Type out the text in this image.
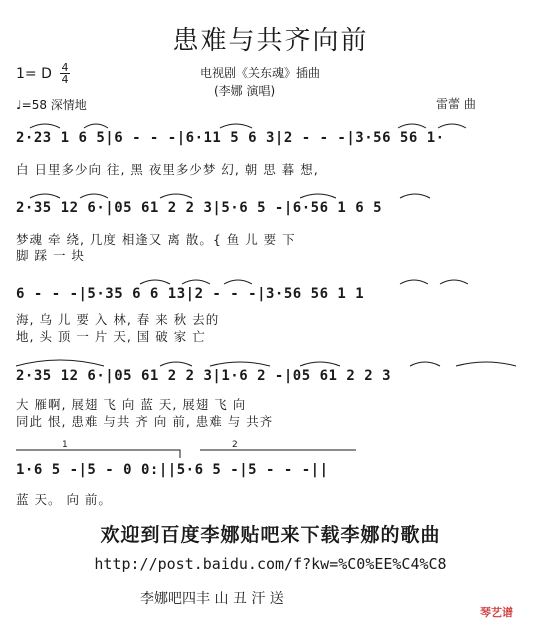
患难与共齐向前
电视剧《关东魂》插曲
(李娜 演唱)
雷蕾 曲
1= D $\frac{4}{4}$
♩=58 深情地
2·23 1 6 5|6 - - -|6·11 5 6 3|2 - - -|3·56 56 1·
白 日里多少向 往, 黑 夜里多少梦 幻, 朝 思 暮 想,
2·35 12 6·|05 61 2 2 3|5·6 5 -|6·56 1 6 5
梦魂 牵 绕, 几度 相逢又 离 散。{ 鱼 儿 要 下
脚 踩 一 块
6 - - -|5·35 6 6 13|2 - - -|3·56 56 1 1
海, 乌 儿 要 入 林, 春 来 秋 去的
地, 头 顶 一 片 天, 国 破 家 亡
2·35 12 6·|05 61 2 2 3|1·6 2 -|05 61 2 2 3
大 雁啊, 展翅 飞 向 蓝 天, 展翅 飞 向
同此 恨, 患难 与共 齐 向 前, 患难 与 共齐
1	2
1·6 5 -|5 - 0 0:||5·6 5 -|5 - - -||
蓝 天。 向 前。
欢迎到百度李娜贴吧来下载李娜的歌曲
http://post.baidu.com/f?kw=%C0%EE%C4%C8
李娜吧四丰 山 丑 汗 送
琴艺谱
